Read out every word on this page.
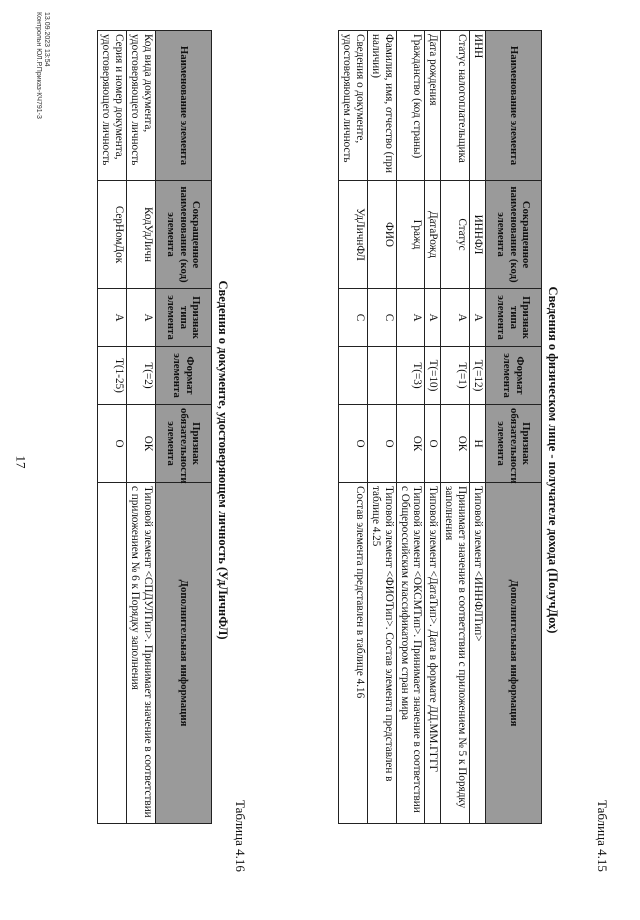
17
Таблица 4.15
Сведения о физическом лице - получателе дохода (ПолучДох)
Наименование элемента	Сокращенное наименование (код) элемента	Признак типа элемента	Формат элемента	Признак обязательности элемента	Дополнительная информация
ИНН	ИННФЛ	А	Т(=12)	Н	Типовой элемент <ИННФЛТип>
Статус налогоплательщика	Статус	А	Т(=1)	ОК	Принимает значение в соответствии с приложением № 5 к Порядку заполнения
Дата рождения	ДатаРожд	А	Т(=10)	О	Типовой элемент <ДатаТип>. Дата в формате ДД.ММ.ГГГГ
Гражданство (код страны)	Гражд	А	Т(=3)	ОК	Типовой элемент <ОКСМТип>. Принимает значение в соответствии с Общероссийским классификатором стран мира
Фамилия, имя, отчество (при наличии)	ФИО	С		О	Типовой элемент <ФИОТип>. Состав элемента представлен в таблице 4.25
Сведения о документе, удостоверяющем личность	УдЛичнФЛ	С		О	Состав элемента представлен в таблице 4.16
Таблица 4.16
Сведения о документе, удостоверяющем личность (УдЛичнФЛ)
Наименование элемента	Сокращенное наименование (код) элемента	Признак типа элемента	Формат элемента	Признак обязательности элемента	Дополнительная информация
Код вида документа, удостоверяющего личность	КодУдЛичн	А	Т(=2)	ОК	Типовой элемент <СПДУЛТип>. Принимает значение в соответствии с приложением № 6 к Порядку заполнения
Серия и номер документа, удостоверяющего личность	СерНомДок	А	Т(1-25)	О	
13.09.2023 13:54
Контрольн ЮЛ.Р.Приказ-КЧ791-3
